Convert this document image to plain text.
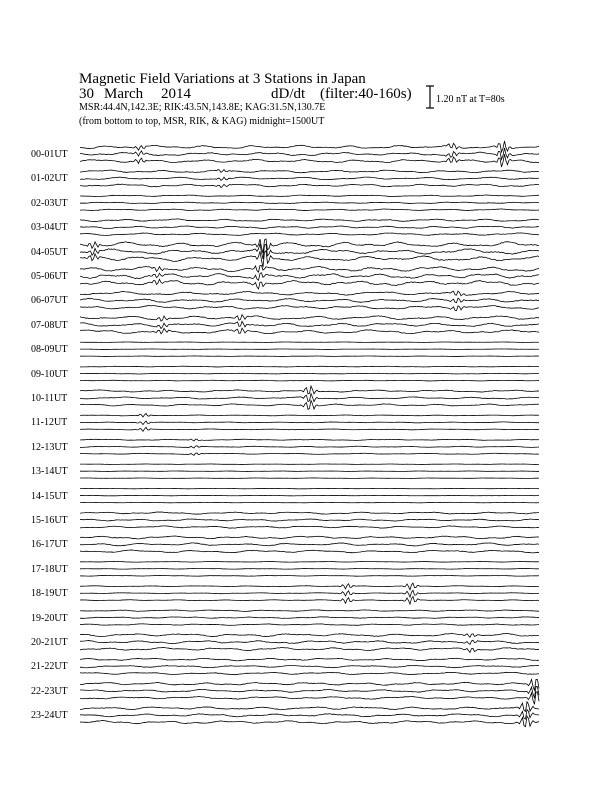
Magnetic Field Variations at 3 Stations in Japan
30 March 2014	dD/dt (filter:40-160s)
MSR:44.4N,142.3E; RIK:43.5N,143.8E; KAG:31.5N,130.7E
(from bottom to top, MSR, RIK, & KAG) midnight=1500UT
1.20 nT at T=80s
00-01UT
01-02UT
02-03UT
03-04UT
04-05UT
05-06UT
06-07UT
07-08UT
08-09UT
09-10UT
10-11UT
11-12UT
12-13UT
13-14UT
14-15UT
15-16UT
16-17UT
17-18UT
18-19UT
19-20UT
20-21UT
21-22UT
22-23UT
23-24UT
